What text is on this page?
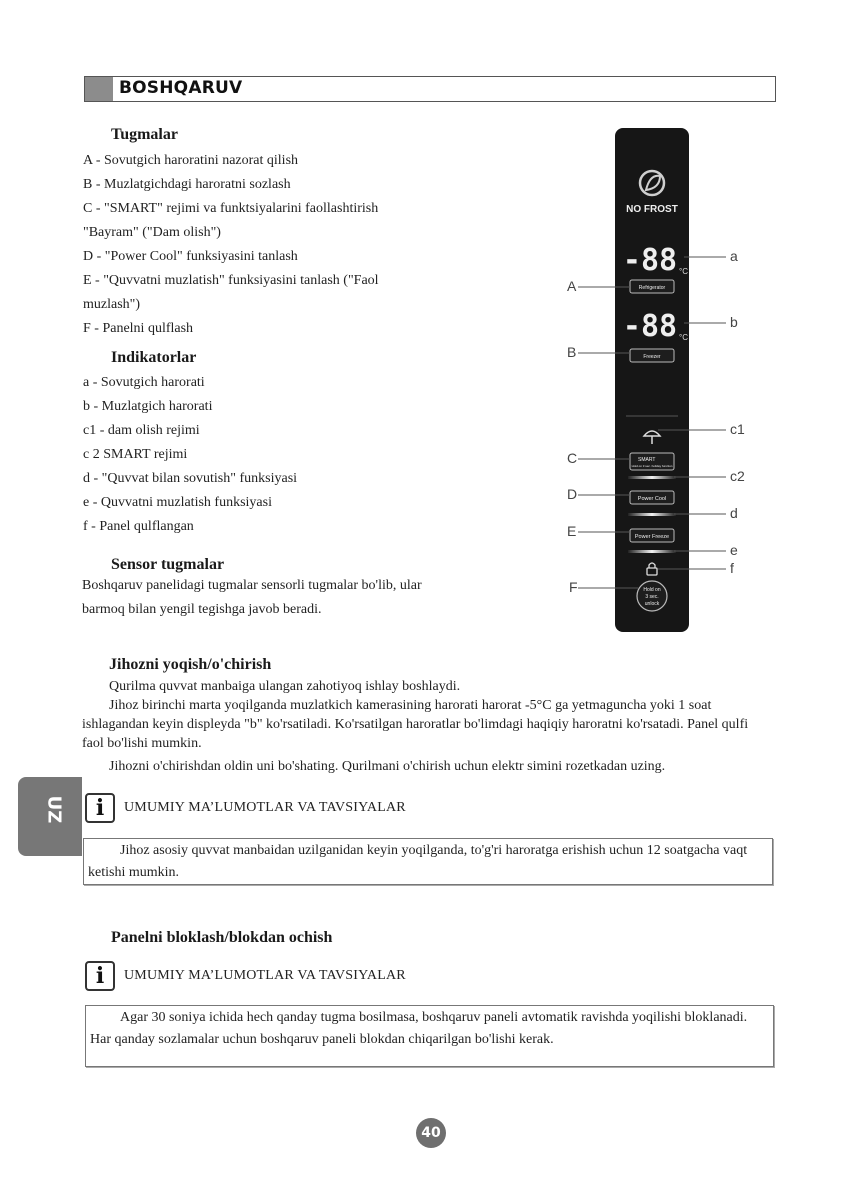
BOSHQARUV
Tugmalar
A - Sovutgich haroratini nazorat qilish
B - Muzlatgichdagi haroratni sozlash
C - "SMART" rejimi va funktsiyalarini faollashtirish
"Bayram" ("Dam olish")
D - "Power Cool" funksiyasini tanlash
E - "Quvvatni muzlatish" funksiyasini tanlash ("Faol
muzlash")
F - Panelni qulflash
Indikatorlar
a - Sovutgich harorati
b - Muzlatgich harorati
c1 - dam olish rejimi
c 2 SMART rejimi
d - "Quvvat bilan sovutish" funksiyasi
e - Quvvatni muzlatish funksiyasi
f - Panel qulflangan
Sensor tugmalar
Boshqaruv panelidagi tugmalar sensorli tugmalar bo'lib, ular
barmoq bilan yengil tegishga javob beradi.
NO FROST
-88 °C
Refrigerator
-88 °C
Freezer
SMART
Hold on 3 sec. holiday function
Power Cool
Power Freeze
Hold on
3 sec.
unlock
A
B
C
D
E
F
a
b
c1
c2
d
e
f
Jihozni yoqish/o'chirish
Qurilma quvvat manbaiga ulangan zahotiyoq ishlay boshlaydi.
Jihoz birinchi marta yoqilganda muzlatkich kamerasining harorati harorat -5°C ga yetmaguncha yoki 1 soat ishlagandan keyin displeyda "b" ko'rsatiladi. Ko'rsatilgan haroratlar bo'limdagi haqiqiy haroratni ko'rsatadi. Panel qulfi faol bo'lishi mumkin.
Jihozni o'chirishdan oldin uni bo'shating. Qurilmani o'chirish uchun elektr simini rozetkadan uzing.
UZ	i	UMUMIY MA’LUMOTLAR VA TAVSIYALAR
Jihoz asosiy quvvat manbaidan uzilganidan keyin yoqilganda, to'g'ri haroratga erishish uchun 12 soatgacha vaqt ketishi mumkin.
Panelni bloklash/blokdan ochish
i	UMUMIY MA’LUMOTLAR VA TAVSIYALAR
Agar 30 soniya ichida hech qanday tugma bosilmasa, boshqaruv paneli avtomatik ravishda yoqilishi bloklanadi. Har qanday sozlamalar uchun boshqaruv paneli blokdan chiqarilgan bo'lishi kerak.
40
